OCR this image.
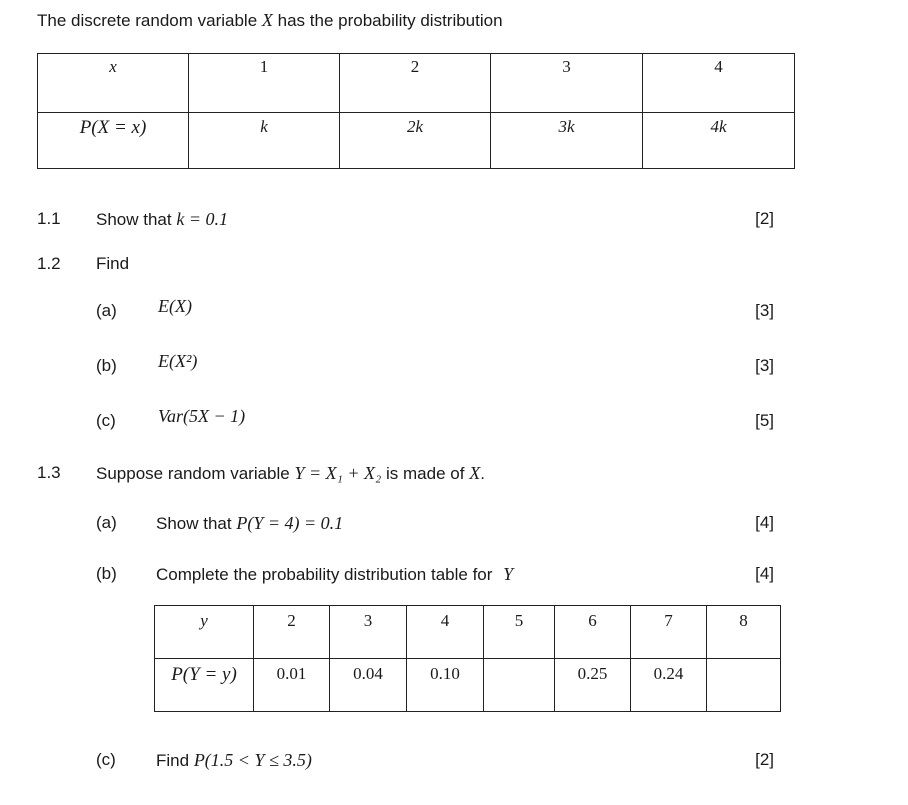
The discrete random variable X has the probability distribution
x	1	2	3	4
P(X = x)	k	2k	3k	4k
1.1 Show that k = 0.1	[2]
1.2 Find
(a) E(X)	[3]
(b) E(X²)	[3]
(c) Var(5X − 1)	[5]
1.3 Suppose random variable Y = X₁ + X₂ is made of X.
(a) Show that P(Y = 4) = 0.1	[4]
(b) Complete the probability distribution table for Y	[4]
y	2	3	4	5	6	7	8
P(Y = y)	0.01	0.04	0.10		0.25	0.24	
(c) Find P(1.5 < Y ≤ 3.5)	[2]
